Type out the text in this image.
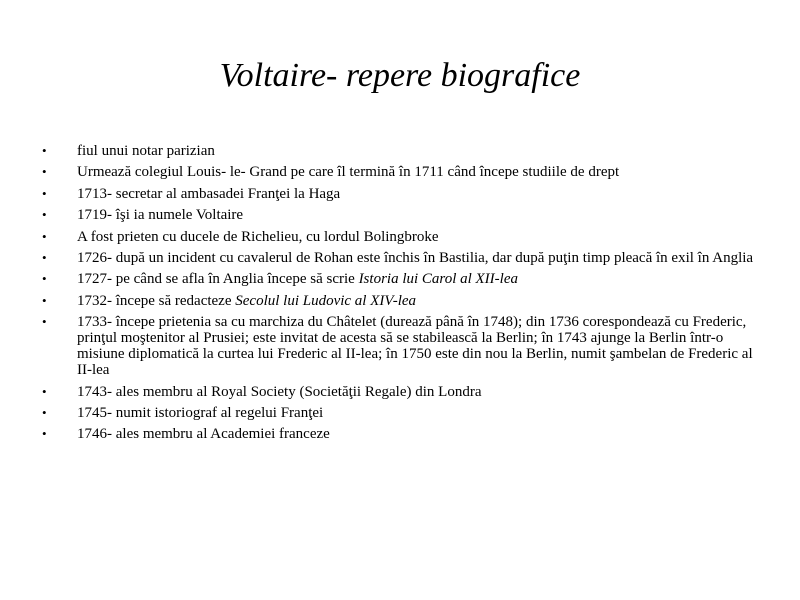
Voltaire- repere biografice
• fiul unui notar parizian
• Urmează colegiul Louis- le- Grand pe care îl termină în 1711 când începe studiile de drept
• 1713- secretar al ambasadei Franţei la Haga
• 1719- îşi ia numele Voltaire
• A fost prieten cu ducele de Richelieu, cu lordul Bolingbroke
• 1726- după un incident cu cavalerul de Rohan este închis în Bastilia, dar după puţin timp pleacă în exil în Anglia
• 1727- pe când se afla în Anglia începe să scrie Istoria lui Carol al XII-lea
• 1732- începe să redacteze Secolul lui Ludovic al XIV-lea
• 1733- începe prietenia sa cu marchiza du Châtelet (durează până în 1748); din 1736 corespondează cu Frederic, prinţul moştenitor al Prusiei; este invitat de acesta să se stabilească la Berlin; în 1743 ajunge la Berlin într-o misiune diplomatică la curtea lui Frederic al II-lea; în 1750 este din nou la Berlin, numit şambelan de Frederic al II-lea
• 1743- ales membru al Royal Society (Societăţii Regale) din Londra
• 1745- numit istoriograf al regelui Franţei
• 1746- ales membru al Academiei franceze
